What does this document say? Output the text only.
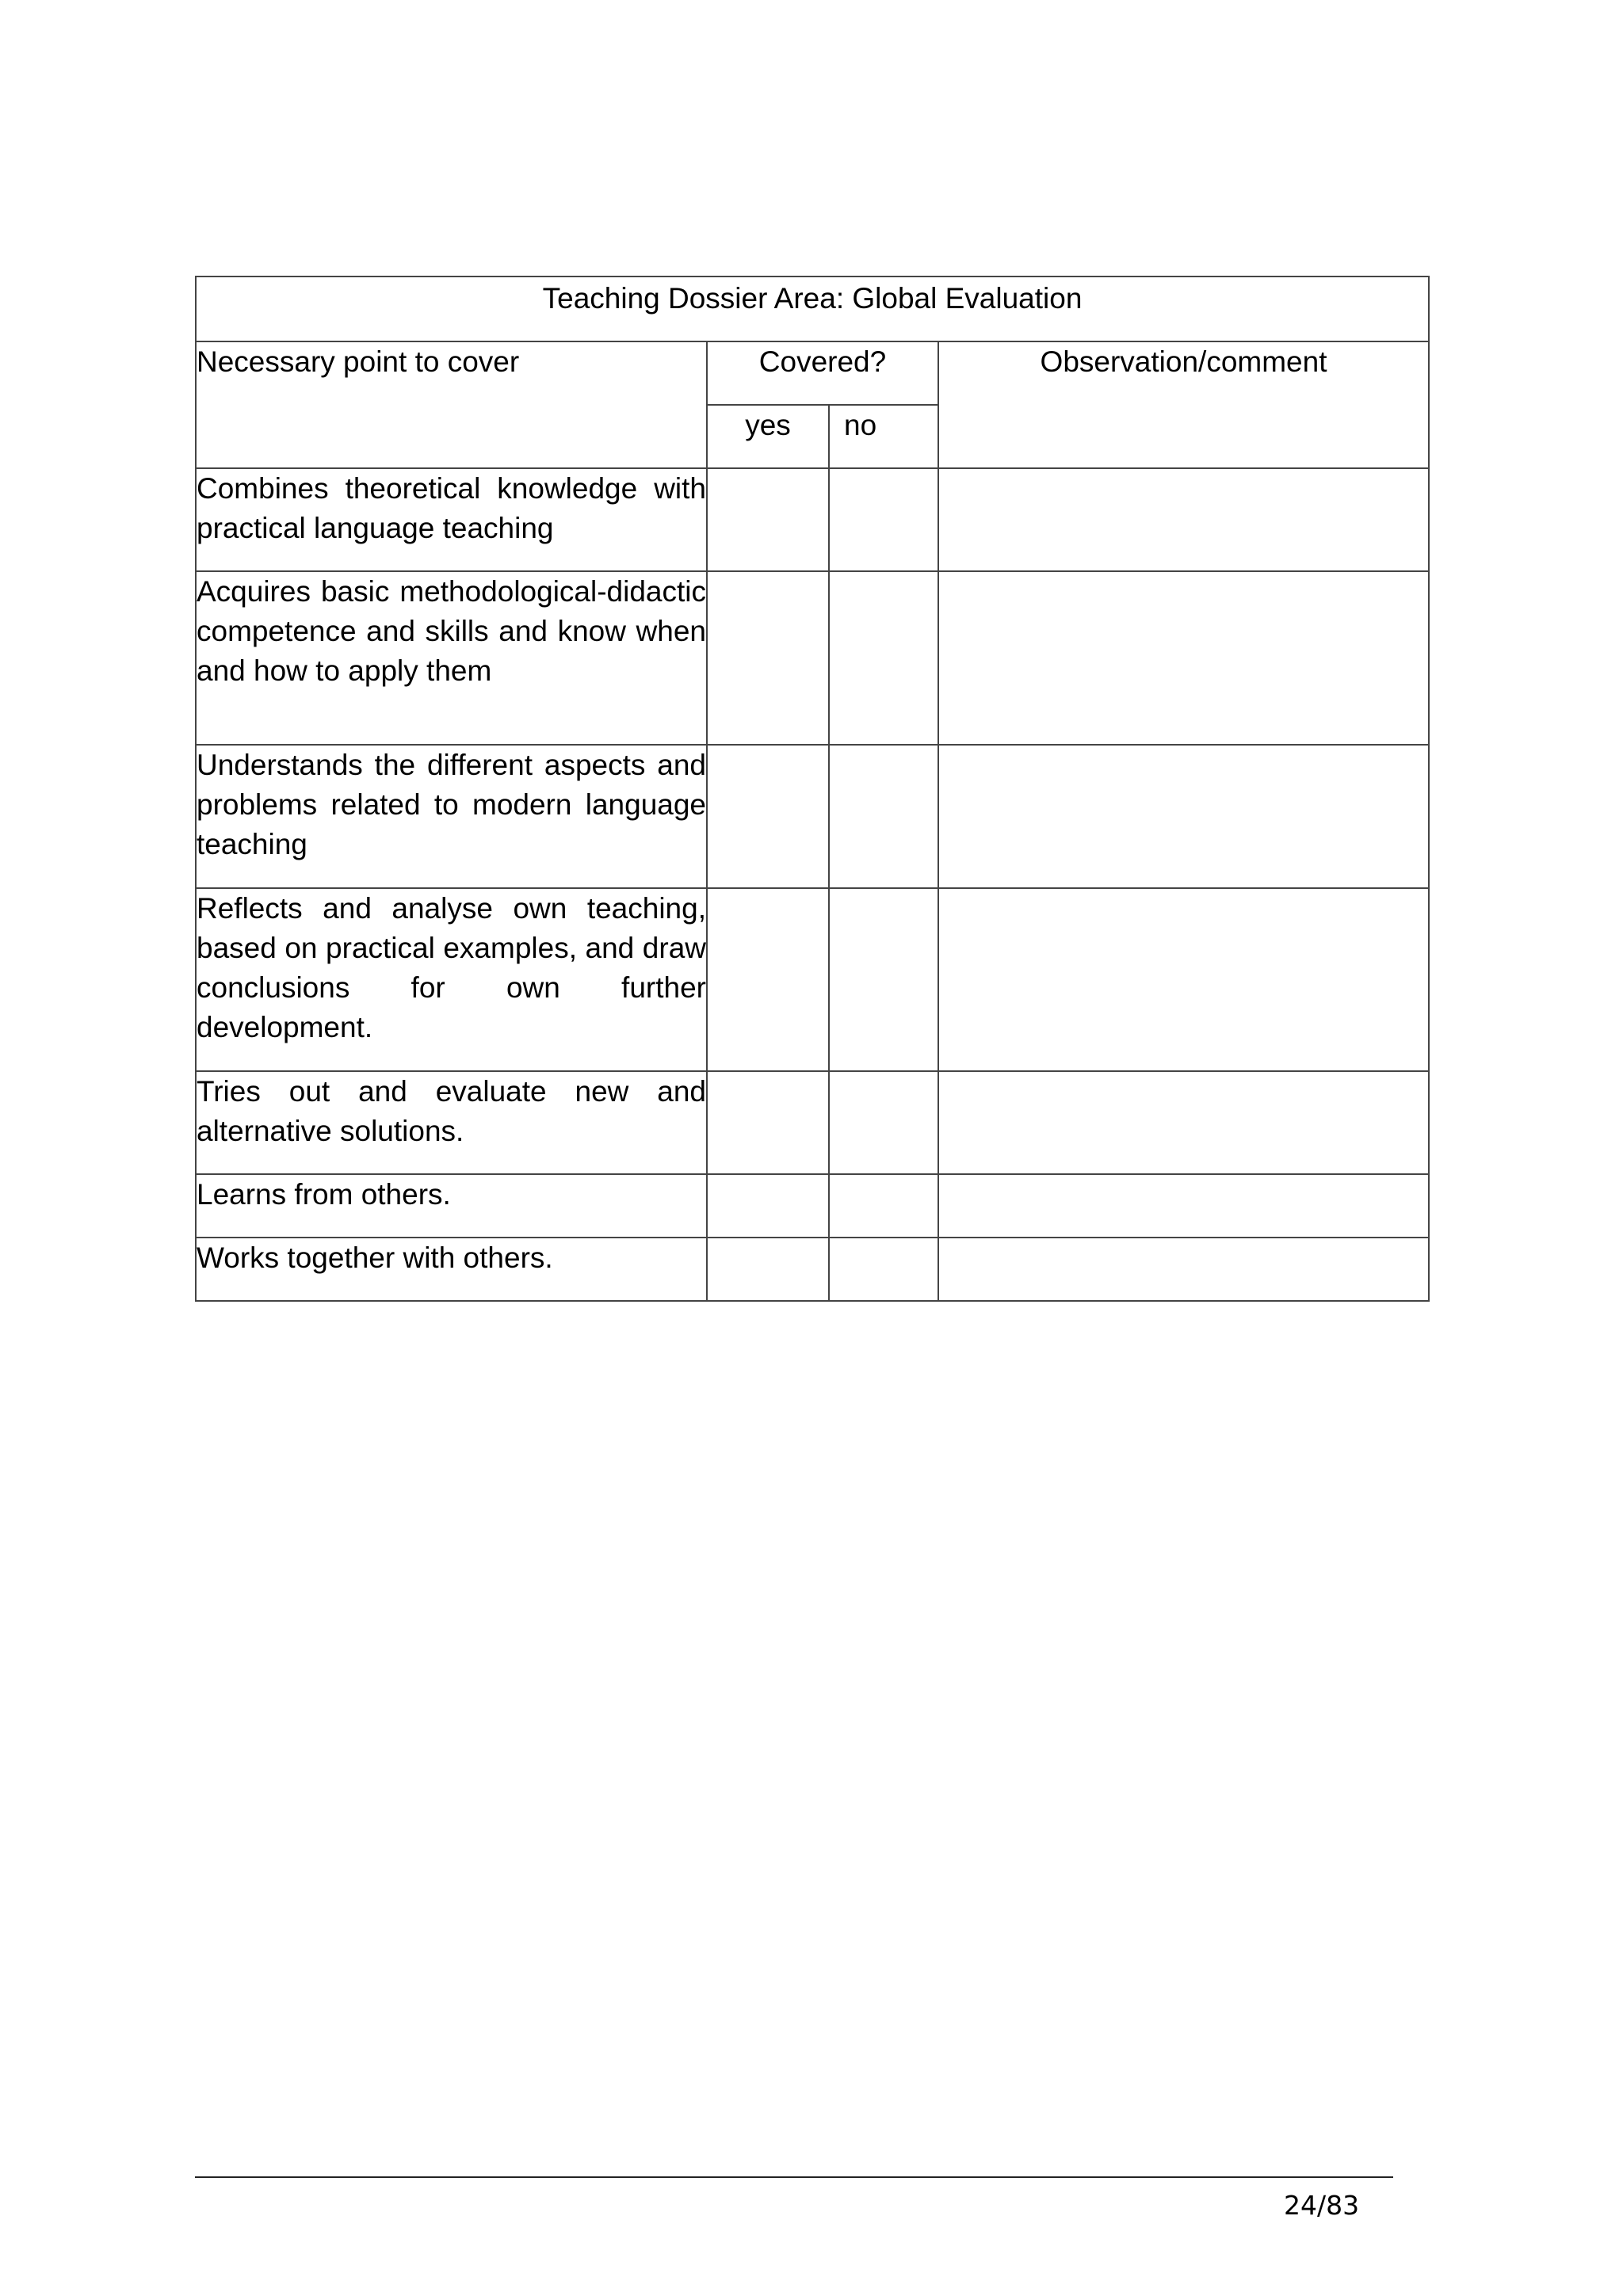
Teaching Dossier Area: Global Evaluation			
Necessary point to cover	Covered?		Observation/comment
	yes	no	
Combines theoretical knowledge with practical language teaching			
Acquires basic methodological-didactic competence and skills and know when and how to apply them			
Understands the different aspects and problems related to modern language teaching			
Reflects and analyse own teaching, based on practical examples, and draw conclusions for own further development.			
Tries out and evaluate new and alternative solutions.			
Learns from others.			
Works together with others.			
24/83
